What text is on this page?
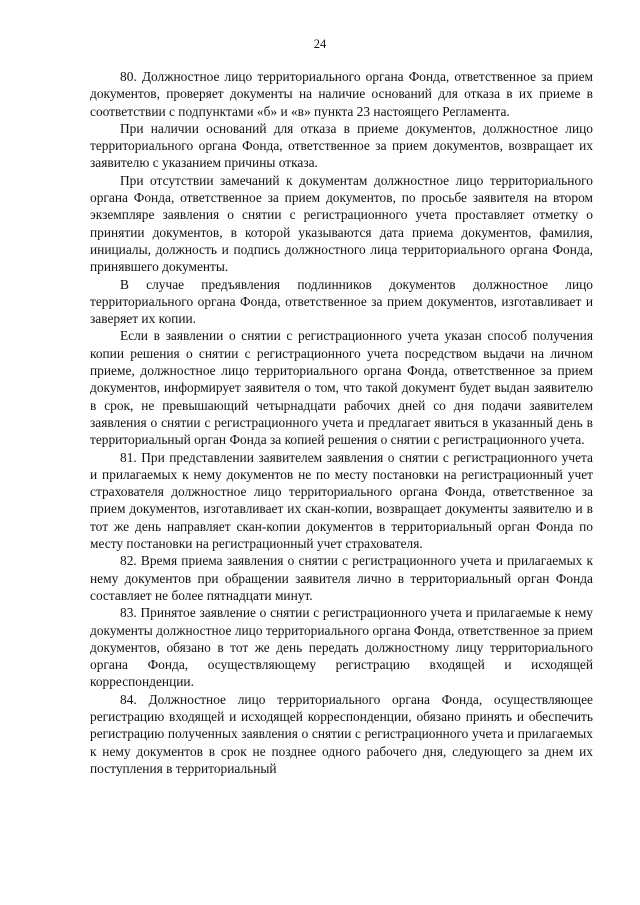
24

80. Должностное лицо территориального органа Фонда, ответственное за прием документов, проверяет документы на наличие оснований для отказа в их приеме в соответствии с подпунктами «б» и «в» пункта 23 настоящего Регламента.

При наличии оснований для отказа в приеме документов, должностное лицо территориального органа Фонда, ответственное за прием документов, возвращает их заявителю с указанием причины отказа.

При отсутствии замечаний к документам должностное лицо территориального органа Фонда, ответственное за прием документов, по просьбе заявителя на втором экземпляре заявления о снятии с регистрационного учета проставляет отметку о принятии документов, в которой указываются дата приема документов, фамилия, инициалы, должность и подпись должностного лица территориального органа Фонда, принявшего документы.

В случае предъявления подлинников документов должностное лицо территориального органа Фонда, ответственное за прием документов, изготавливает и заверяет их копии.

Если в заявлении о снятии с регистрационного учета указан способ получения копии решения о снятии с регистрационного учета посредством выдачи на личном приеме, должностное лицо территориального органа Фонда, ответственное за прием документов, информирует заявителя о том, что такой документ будет выдан заявителю в срок, не превышающий четырнадцати рабочих дней со дня подачи заявителем заявления о снятии с регистрационного учета и предлагает явиться в указанный день в территориальный орган Фонда за копией решения о снятии с регистрационного учета.

81. При представлении заявителем заявления о снятии с регистрационного учета и прилагаемых к нему документов не по месту постановки на регистрационный учет страхователя должностное лицо территориального органа Фонда, ответственное за прием документов, изготавливает их скан-копии, возвращает документы заявителю и в тот же день направляет скан-копии документов в территориальный орган Фонда по месту постановки на регистрационный учет страхователя.

82. Время приема заявления о снятии с регистрационного учета и прилагаемых к нему документов при обращении заявителя лично в территориальный орган Фонда составляет не более пятнадцати минут.

83. Принятое заявление о снятии с регистрационного учета и прилагаемые к нему документы должностное лицо территориального органа Фонда, ответственное за прием документов, обязано в тот же день передать должностному лицу территориального органа Фонда, осуществляющему регистрацию входящей и исходящей корреспонденции.

84. Должностное лицо территориального органа Фонда, осуществляющее регистрацию входящей и исходящей корреспонденции, обязано принять и обеспечить регистрацию полученных заявления о снятии с регистрационного учета и прилагаемых к нему документов в срок не позднее одного рабочего дня, следующего за днем их поступления в территориальный
